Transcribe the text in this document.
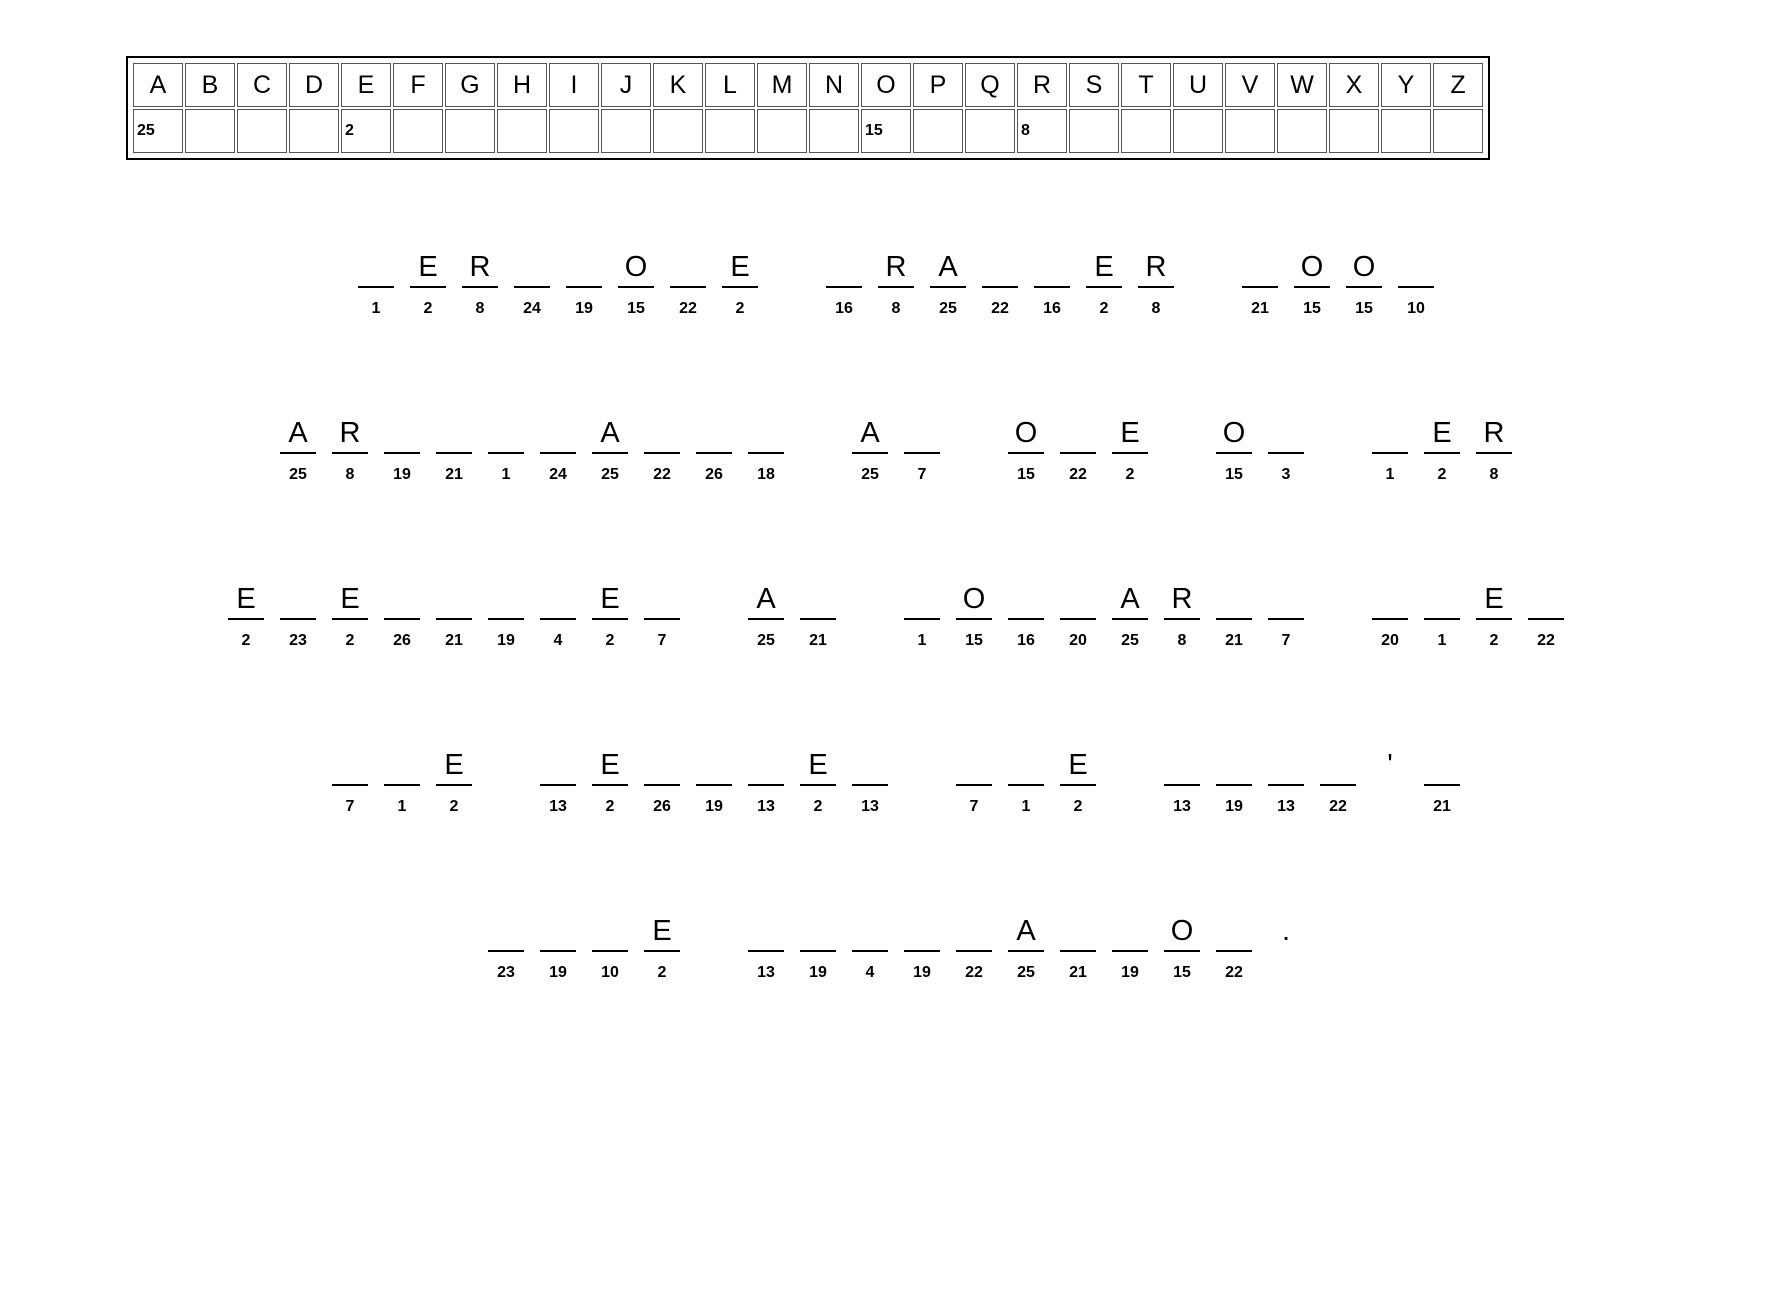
A	B	C	D	E	F	G	H	I	J	K	L	M	N	O	P	Q	R	S	T	U	V	W	X	Y	Z
25				2										15			8								
1
E
2
R
8 24 19
O
15 22
E
2	16
R
8
A
25 22 16
E
2
R
8	21
O
15
O
15 10
A
25
R
8 19 21 1 24
A
25 22 26 18
A
25 7
O
15 22
E
2
O
15 3	1
E
2
R
8
E
2 23
E
2 26 21 19 4
E
2	7
A
25 21	1
O
15 16 20
A
25
R
8 21 7	20 1
E
2 22
7	1
E
2	13
E
2 26 19 13
E
2 13	7	1
E
2	13 19 13 22
'
21
23 19 10
E
2	13 19 4 19 22
A
25 21 19
O
15 22
.
